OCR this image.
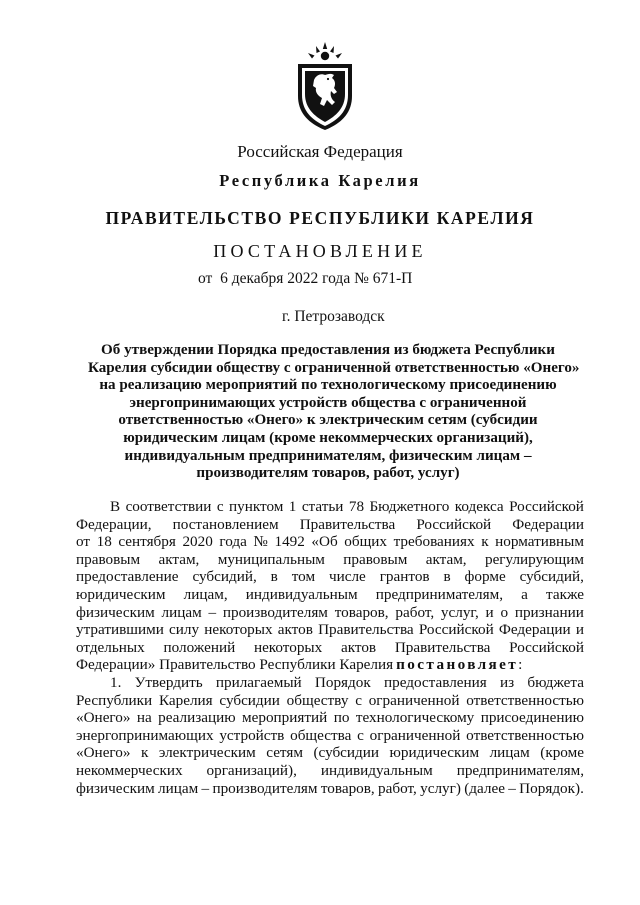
Российская Федерация
Республика Карелия
ПРАВИТЕЛЬСТВО РЕСПУБЛИКИ КАРЕЛИЯ
ПОСТАНОВЛЕНИЕ
от  6 декабря 2022 года № 671-П
г. Петрозаводск
Об утверждении Порядка предоставления из бюджета Республики
Карелия субсидии обществу с ограниченной ответственностью «Онего»
на реализацию мероприятий по технологическому присоединению
энергопринимающих устройств общества с ограниченной
ответственностью «Онего» к электрическим сетям (субсидии
юридическим лицам (кроме некоммерческих организаций),
индивидуальным предпринимателям, физическим лицам –
производителям товаров, работ, услуг)
В соответствии с пунктом 1 статьи 78 Бюджетного кодекса Российской
Федерации, постановлением Правительства Российской Федерации
от 18 сентября 2020 года № 1492 «Об общих требованиях к нормативным
правовым актам, муниципальным правовым актам, регулирующим
предоставление субсидий, в том числе грантов в форме субсидий,
юридическим лицам, индивидуальным предпринимателям, а также
физическим лицам – производителям товаров, работ, услуг, и о признании
утратившими силу некоторых актов Правительства Российской Федерации и
отдельных положений некоторых актов Правительства Российской
Федерации» Правительство Республики Карелия постановляет :
1. Утвердить прилагаемый Порядок предоставления из бюджета
Республики Карелия субсидии обществу с ограниченной ответственностью
«Онего» на реализацию мероприятий по технологическому присоединению
энергопринимающих устройств общества с ограниченной ответственностью
«Онего» к электрическим сетям (субсидии юридическим лицам (кроме
некоммерческих организаций), индивидуальным предпринимателям,
физическим лицам – производителям товаров, работ, услуг) (далее – Порядок).
